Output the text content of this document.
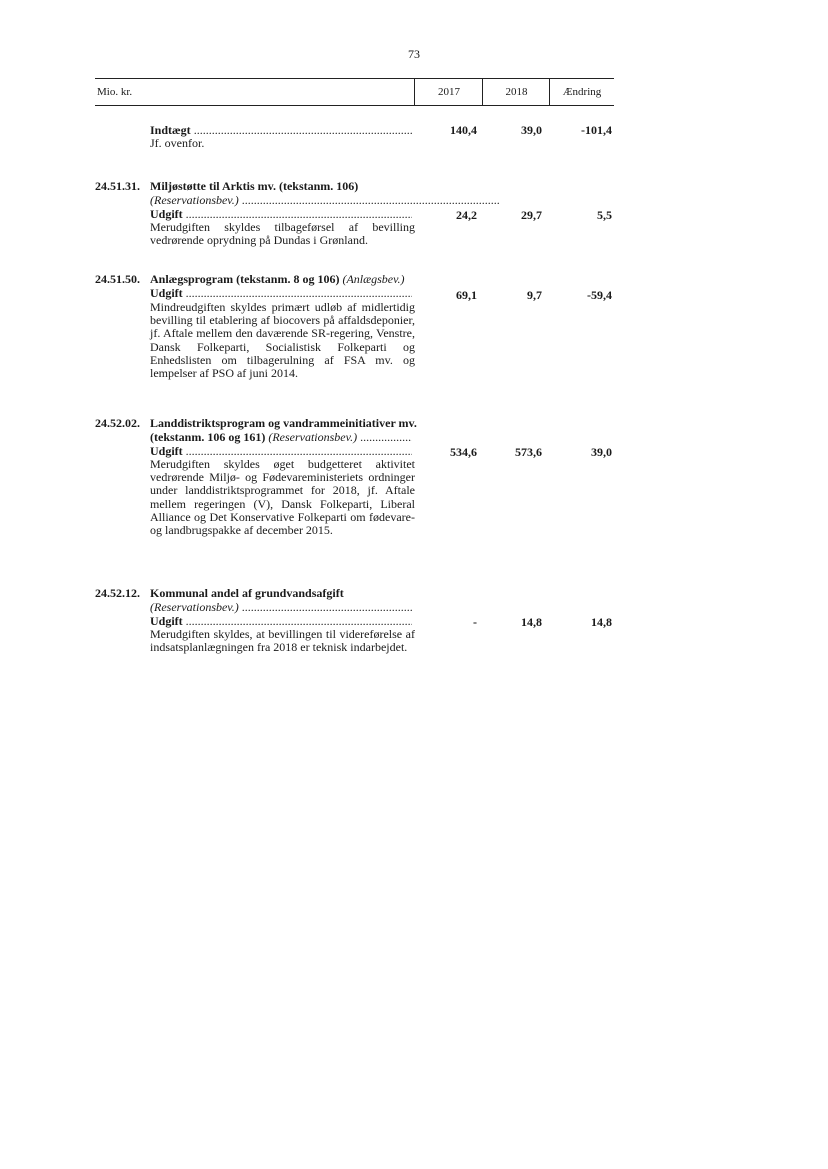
73
Mio. kr.	2017	2018	Ændring
Indtægt .....	140,4	39,0	-101,4
Jf. ovenfor.
24.51.31. Miljøstøtte til Arktis mv. (tekstanm. 106)
(Reservationsbev.) .....
Udgift .....	24,2	29,7	5,5
Merudgiften skyldes tilbageførsel af bevilling vedrørende oprydning på Dundas i Grønland.
24.51.50. Anlægsprogram (tekstanm. 8 og 106) (Anlægsbev.)
Udgift .....	69,1	9,7	-59,4
Mindreudgiften skyldes primært udløb af midlertidig bevilling til etablering af biocovers på affaldsdeponier, jf. Aftale mellem den daværende SR-regering, Venstre, Dansk Folkeparti, Socialistisk Folkeparti og Enhedslisten om tilbagerulning af FSA mv. og lempelser af PSO af juni 2014.
24.52.02. Landdistriktsprogram og vandrammeinitiativer mv.
(tekstanm. 106 og 161) (Reservationsbev.) .....
Udgift .....	534,6	573,6	39,0
Merudgiften skyldes øget budgetteret aktivitet vedrørende Miljø- og Fødevareministeriets ordninger under landdistriktsprogrammet for 2018, jf. Aftale mellem regeringen (V), Dansk Folkeparti, Liberal Alliance og Det Konservative Folkeparti om fødevare- og landbrugspakke af december 2015.
24.52.12. Kommunal andel af grundvandsafgift
(Reservationsbev.) .....
Udgift .....	-	14,8	14,8
Merudgiften skyldes, at bevillingen til videreførelse af indsatsplanlægningen fra 2018 er teknisk indarbejdet.
